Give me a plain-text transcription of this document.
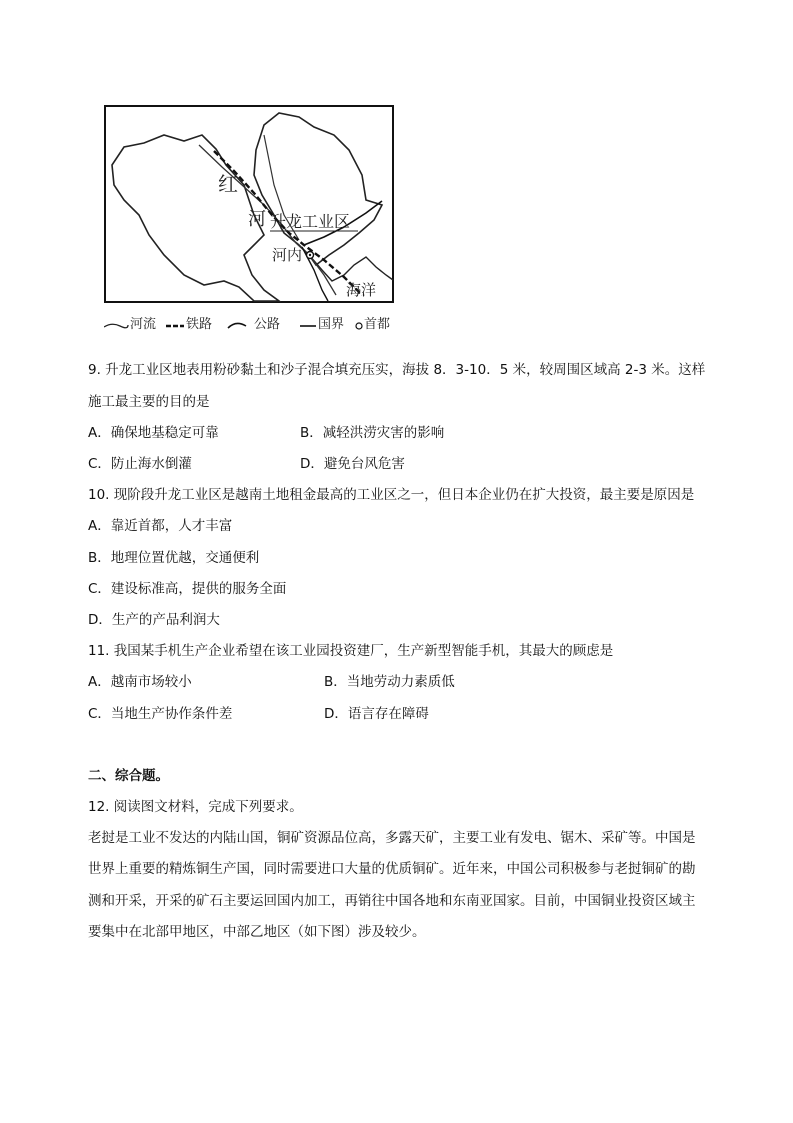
红
河 升龙工业区
河内
海洋
河流 铁路	公路	国界 首都
9. 升龙工业区地表用粉砂黏土和沙子混合填充压实，海拔 8．3-10．5 米，较周围区域高 2-3 米。这样
施工最主要的目的是
A．确保地基稳定可靠	B．减轻洪涝灾害的影响
C．防止海水倒灌	D．避免台风危害
10. 现阶段升龙工业区是越南土地租金最高的工业区之一，但日本企业仍在扩大投资，最主要是原因是
A．靠近首都，人才丰富
B．地理位置优越，交通便利
C．建设标准高，提供的服务全面
D．生产的产品利润大
11. 我国某手机生产企业希望在该工业园投资建厂，生产新型智能手机，其最大的顾虑是
A．越南市场较小	B．当地劳动力素质低
C．当地生产协作条件差	D．语言存在障碍
二、综合题。
12. 阅读图文材料，完成下列要求。
老挝是工业不发达的内陆山国，铜矿资源品位高，多露天矿，主要工业有发电、锯木、采矿等。中国是
世界上重要的精炼铜生产国，同时需要进口大量的优质铜矿。近年来，中国公司积极参与老挝铜矿的勘
测和开采，开采的矿石主要运回国内加工，再销往中国各地和东南亚国家。目前，中国铜业投资区域主
要集中在北部甲地区，中部乙地区（如下图）涉及较少。
